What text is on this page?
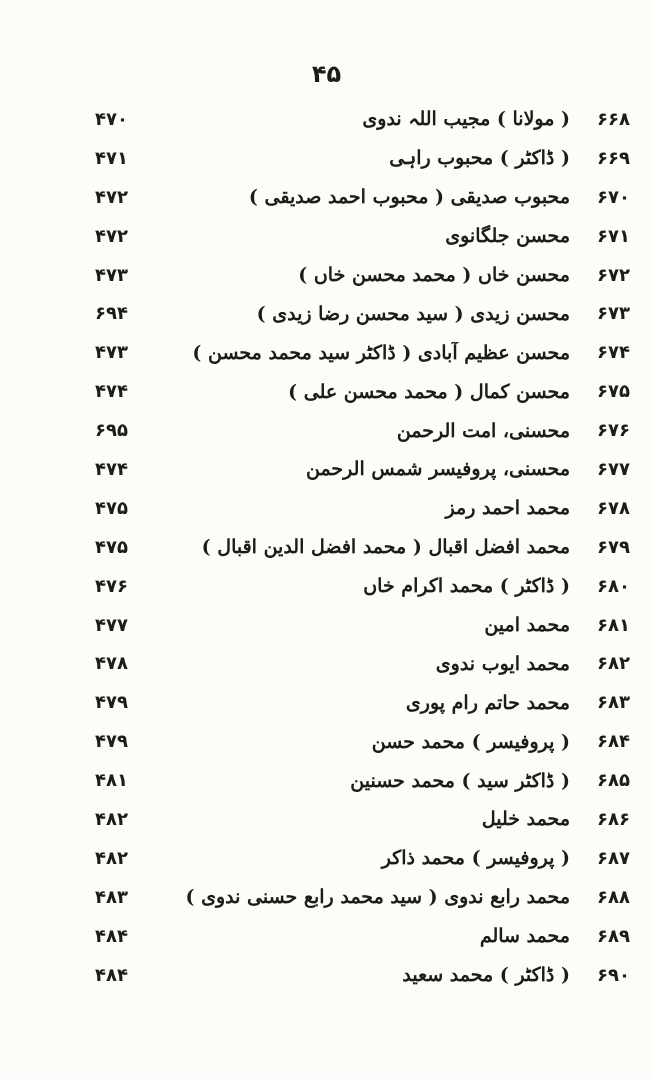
۴۵
۶۶۸
( مولانا ) مجیب اللہ ندوی
۴۷۰
۶۶۹
( ڈاکٹر ) محبوب راہی
۴۷۱
۶۷۰
محبوب صدیقی ( محبوب احمد صدیقی )
۴۷۲
۶۷۱
محسن جلگانوی
۴۷۲
۶۷۲
محسن خاں ( محمد محسن خاں )
۴۷۳
۶۷۳
محسن زیدی ( سید محسن رضا زیدی )
۶۹۴
۶۷۴
محسن عظیم آبادی ( ڈاکٹر سید محمد محسن )
۴۷۳
۶۷۵
محسن کمال ( محمد محسن علی )
۴۷۴
۶۷۶
محسنی، امت الرحمن
۶۹۵
۶۷۷
محسنی، پروفیسر شمس الرحمن
۴۷۴
۶۷۸
محمد احمد رمز
۴۷۵
۶۷۹
محمد افضل اقبال ( محمد افضل الدین اقبال )
۴۷۵
۶۸۰
( ڈاکٹر ) محمد اکرام خاں
۴۷۶
۶۸۱
محمد امین
۴۷۷
۶۸۲
محمد ایوب ندوی
۴۷۸
۶۸۳
محمد حاتم رام پوری
۴۷۹
۶۸۴
( پروفیسر ) محمد حسن
۴۷۹
۶۸۵
( ڈاکٹر سید ) محمد حسنین
۴۸۱
۶۸۶
محمد خلیل
۴۸۲
۶۸۷
( پروفیسر ) محمد ذاکر
۴۸۲
۶۸۸
محمد رابع ندوی ( سید محمد رابع حسنی ندوی )
۴۸۳
۶۸۹
محمد سالم
۴۸۴
۶۹۰
( ڈاکٹر ) محمد سعید
۴۸۴
